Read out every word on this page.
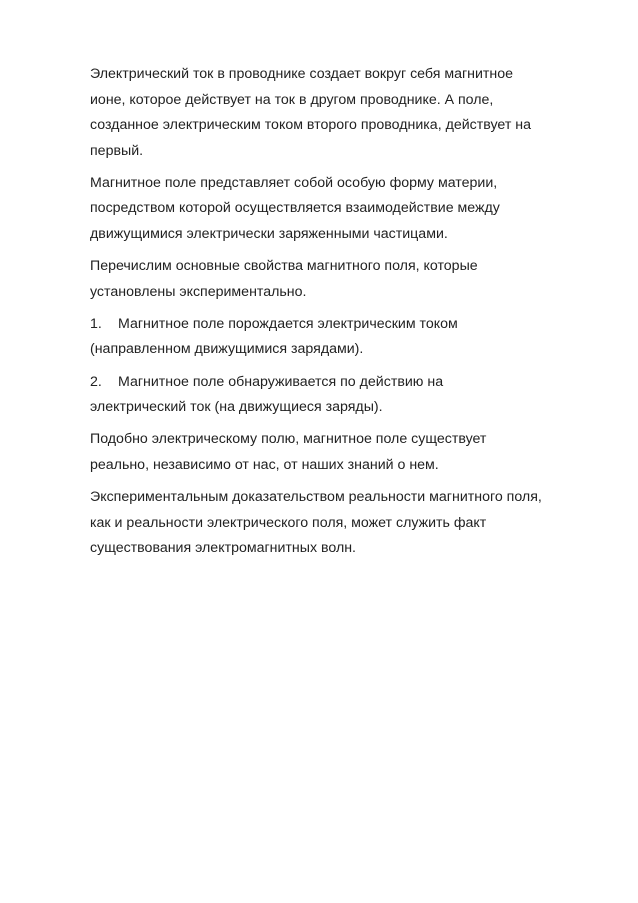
Электрический ток в проводнике создает вокруг себя магнитное
ионе, которое действует на ток в другом проводнике. А поле,
созданное электрическим током второго проводника, действует на
первый.

Магнитное поле представляет собой особую форму материи,
посредством которой осуществляется взаимодействие между
движущимися электрически заряженными частицами.

Перечислим основные свойства магнитного поля, которые
установлены экспериментально.

1. Магнитное поле порождается электрическим током
(направленном движущимися зарядами).
2. Магнитное поле обнаруживается по действию на
электрический ток (на движущиеся заряды).

Подобно электрическому полю, магнитное поле существует
реально, независимо от нас, от наших знаний о нем.

Экспериментальным доказательством реальности магнитного поля,
как и реальности электрического поля, может служить факт
существования электромагнитных волн.
